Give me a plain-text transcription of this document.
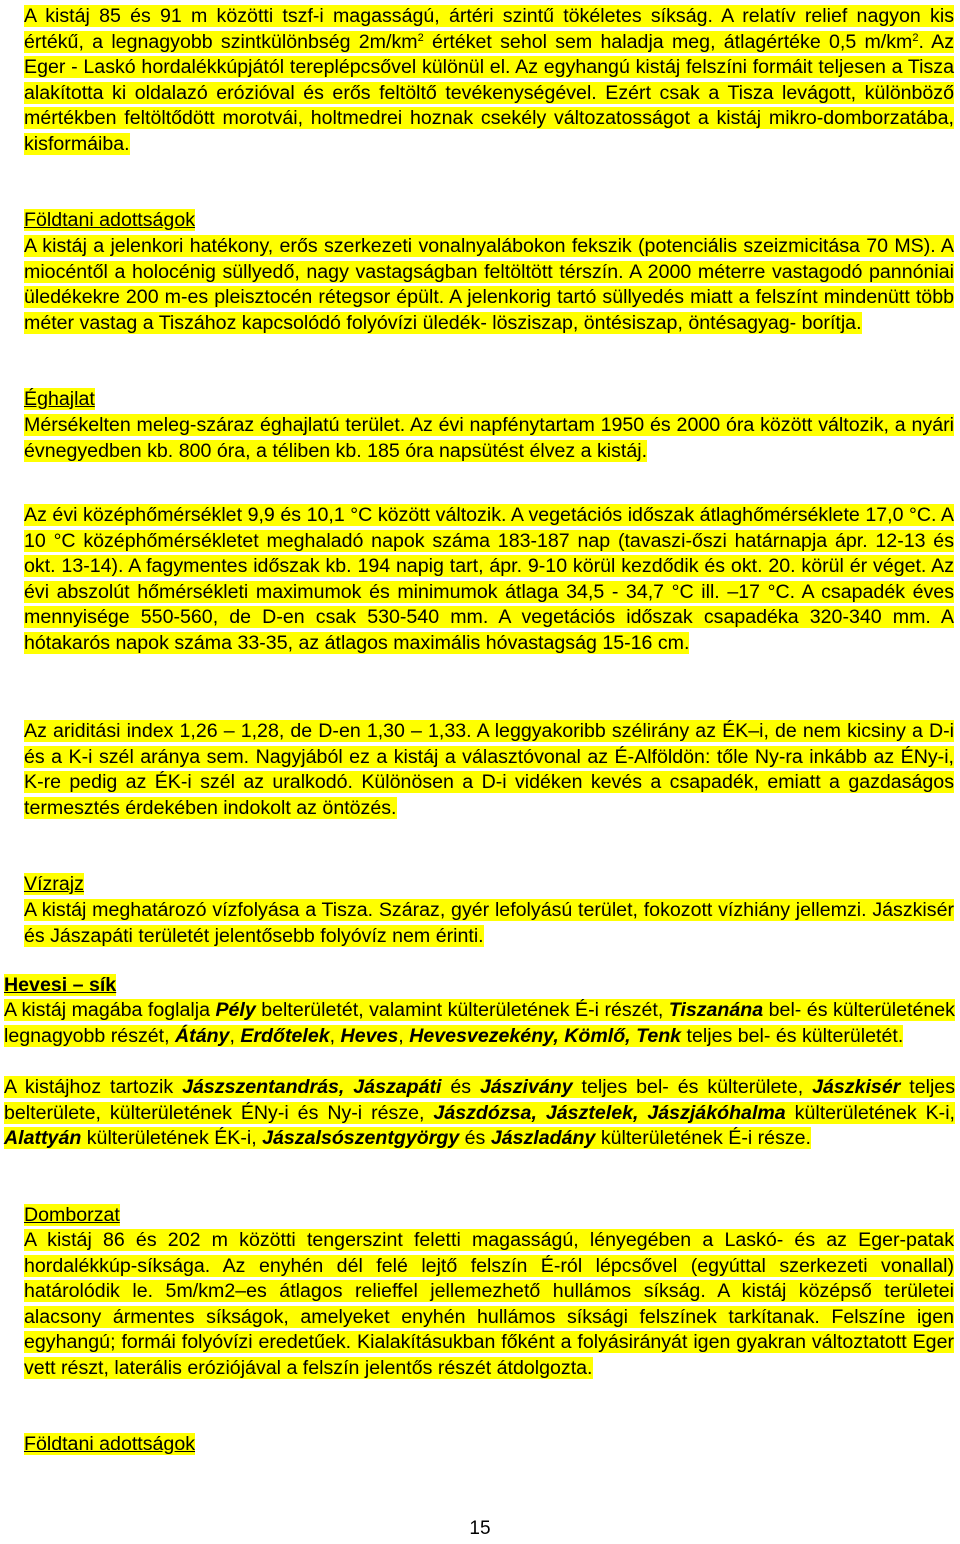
A kistáj 85 és 91 m közötti tszf-i magasságú, ártéri szintű tökéletes síkság. A relatív relief nagyon kis értékű, a legnagyobb szintkülönbség $2m/km^2$ értéket sehol sem haladja meg, átlagértéke 0,5 $m/km^2$. Az Eger - Laskó hordalékkúpjától tereplépcsővel különül el. Az egyhangú kistáj felszíni formáit teljesen a Tisza alakította ki oldalazó erózióval és erős feltöltő tevékenységével. Ezért csak a Tisza levágott, különböző mértékben feltöltődött morotvái, holtmedrei hoznak csekély változatosságot a kistáj mikro-domborzatába, kisformáiba.
Földtani adottságok
A kistáj a jelenkori hatékony, erős szerkezeti vonalnyalábokon fekszik (potenciális szeizmicitása 70 MS). A miocéntől a holocénig süllyedő, nagy vastagságban feltöltött térszín. A 2000 méterre vastagodó pannóniai üledékekre 200 m-es pleisztocén rétegsor épült. A jelenkorig tartó süllyedés miatt a felszínt mindenütt több méter vastag a Tiszához kapcsolódó folyóvízi üledék- lösziszap, öntésiszap, öntésagyag- borítja.
Éghajlat
Mérsékelten meleg-száraz éghajlatú terület. Az évi napfénytartam 1950 és 2000 óra között változik, a nyári évnegyedben kb. 800 óra, a téliben kb. 185 óra napsütést élvez a kistáj.
Az évi középhőmérséklet 9,9 és 10,1 °C között változik. A vegetációs időszak átlaghőmérséklete 17,0 °C. A 10 °C középhőmérsékletet meghaladó napok száma 183-187 nap (tavaszi-őszi határnapja ápr. 12-13 és okt. 13-14). A fagymentes időszak kb. 194 napig tart, ápr. 9-10 körül kezdődik és okt. 20. körül ér véget. Az évi abszolút hőmérsékleti maximumok és minimumok átlaga 34,5 - 34,7 °C ill. –17 °C. A csapadék éves mennyisége 550-560, de D-en csak 530-540 mm. A vegetációs időszak csapadéka 320-340 mm. A hótakarós napok száma 33-35, az átlagos maximális hóvastagság 15-16 cm.
Az ariditási index 1,26 – 1,28, de D-en 1,30 – 1,33. A leggyakoribb szélirány az ÉK–i, de nem kicsiny a D-i és a K-i szél aránya sem. Nagyjából ez a kistáj a választóvonal az É-Alföldön: tőle Ny-ra inkább az ÉNy-i, K-re pedig az ÉK-i szél az uralkodó. Különösen a D-i vidéken kevés a csapadék, emiatt a gazdaságos termesztés érdekében indokolt az öntözés.
Vízrajz
A kistáj meghatározó vízfolyása a Tisza. Száraz, gyér lefolyású terület, fokozott vízhiány jellemzi. Jászkisér és Jászapáti területét jelentősebb folyóvíz nem érinti.
Hevesi – sík
A kistáj magába foglalja Pély belterületét, valamint külterületének É-i részét, Tiszanána bel- és külterületének legnagyobb részét, Átány, Erdőtelek, Heves, Hevesvezekény, Kömlő, Tenk teljes bel- és külterületét.
A kistájhoz tartozik Jászszentandrás, Jászapáti és Jászivány teljes bel- és külterülete, Jászkisér teljes belterülete, külterületének ÉNy-i és Ny-i része, Jászdózsa, Jásztelek, Jászjákóhalma külterületének K-i, Alattyán külterületének ÉK-i, Jászalsószentgyörgy és Jászladány külterületének É-i része.
Domborzat
A kistáj 86 és 202 m közötti tengerszint feletti magasságú, lényegében a Laskó- és az Eger-patak hordalékkúp-síksága. Az enyhén dél felé lejtő felszín É-ról lépcsővel (egyúttal szerkezeti vonallal) határolódik le. 5m/km2–es átlagos relieffel jellemezhető hullámos síkság. A kistáj középső területei alacsony ármentes síkságok, amelyeket enyhén hullámos síksági felszínek tarkítanak. Felszíne igen egyhangú; formái folyóvízi eredetűek. Kialakításukban főként a folyásirányát igen gyakran változtatott Eger vett részt, laterális eróziójával a felszín jelentős részét átdolgozta.
Földtani adottságok
15
